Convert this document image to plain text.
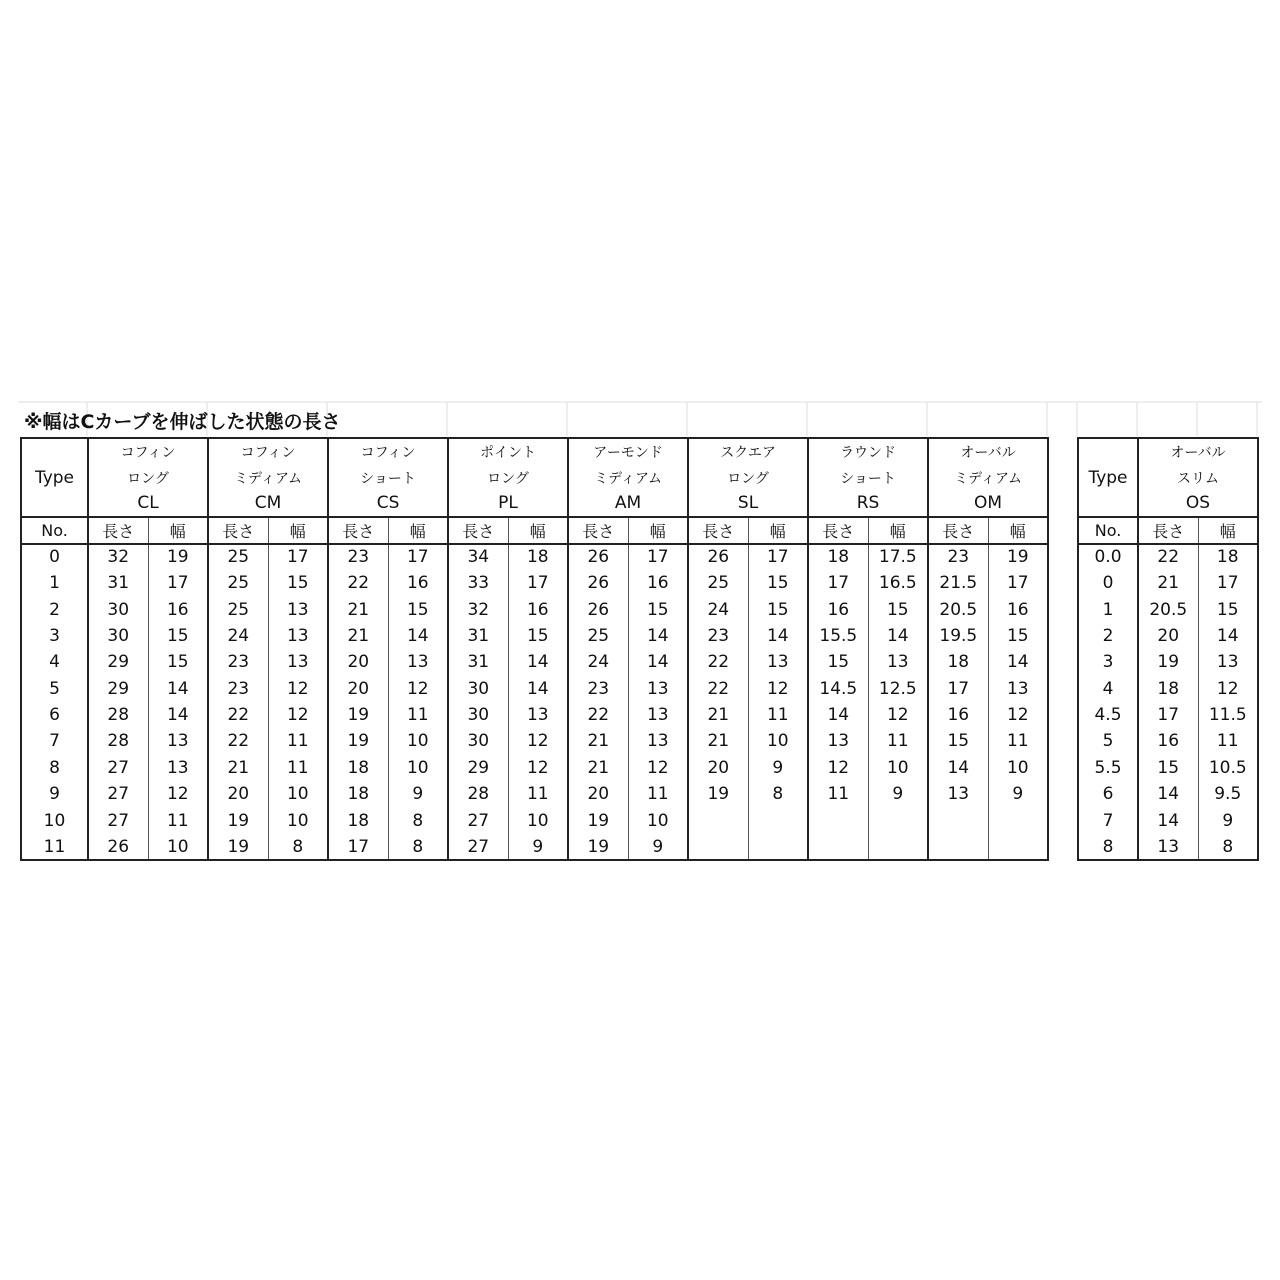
※幅はCカーブを伸ばした状態の長さ
Type	コフィン		コフィン		コフィン		ポイント		アーモンド		スクエア		ラウンド		オーバル	
	ロング		ミディアム		ショート		ロング		ミディアム		ロング		ショート		ミディアム	
	CL		CM		CS		PL		AM		SL		RS		OM	
No.	長さ	幅	長さ	幅	長さ	幅	長さ	幅	長さ	幅	長さ	幅	長さ	幅	長さ	幅
0	32	19	25	17	23	17	34	18	26	17	26	17	18	17.5	23	19
1	31	17	25	15	22	16	33	17	26	16	25	15	17	16.5	21.5	17
2	30	16	25	13	21	15	32	16	26	15	24	15	16	15	20.5	16
3	30	15	24	13	21	14	31	15	25	14	23	14	15.5	14	19.5	15
4	29	15	23	13	20	13	31	14	24	14	22	13	15	13	18	14
5	29	14	23	12	20	12	30	14	23	13	22	12	14.5	12.5	17	13
6	28	14	22	12	19	11	30	13	22	13	21	11	14	12	16	12
7	28	13	22	11	19	10	30	12	21	13	21	10	13	11	15	11
8	27	13	21	11	18	10	29	12	21	12	20	9	12	10	14	10
9	27	12	20	10	18	9	28	11	20	11	19	8	11	9	13	9
10	27	11	19	10	18	8	27	10	19	10						
11	26	10	19	8	17	8	27	9	19	9						
Type	オーバル	
	スリム	
	OS	
No.	長さ	幅
0.0	22	18
0	21	17
1	20.5	15
2	20	14
3	19	13
4	18	12
4.5	17	11.5
5	16	11
5.5	15	10.5
6	14	9.5
7	14	9
8	13	8
